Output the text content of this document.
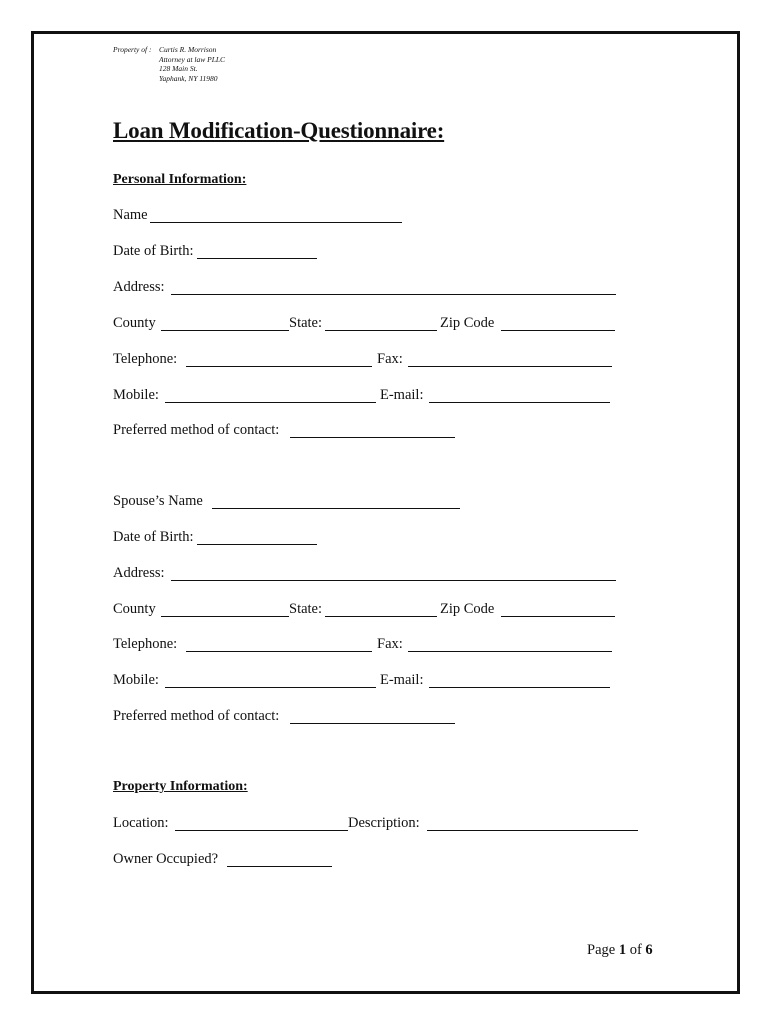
Property of : Curtis R. Morrison
Attorney at law PLLC
128 Main St.
Yaphank, NY 11980
Loan Modification-Questionnaire:
Personal Information:
Name
Date of Birth:
Address:
County	State:	Zip Code
Telephone:	Fax:
Mobile:	E-mail:
Preferred method of contact:
Spouse’s Name
Date of Birth:
Address:
County	State:	Zip Code
Telephone:	Fax:
Mobile:	E-mail:
Preferred method of contact:
Property Information:
Location:	Description:
Owner Occupied?
Page 1 of 6
